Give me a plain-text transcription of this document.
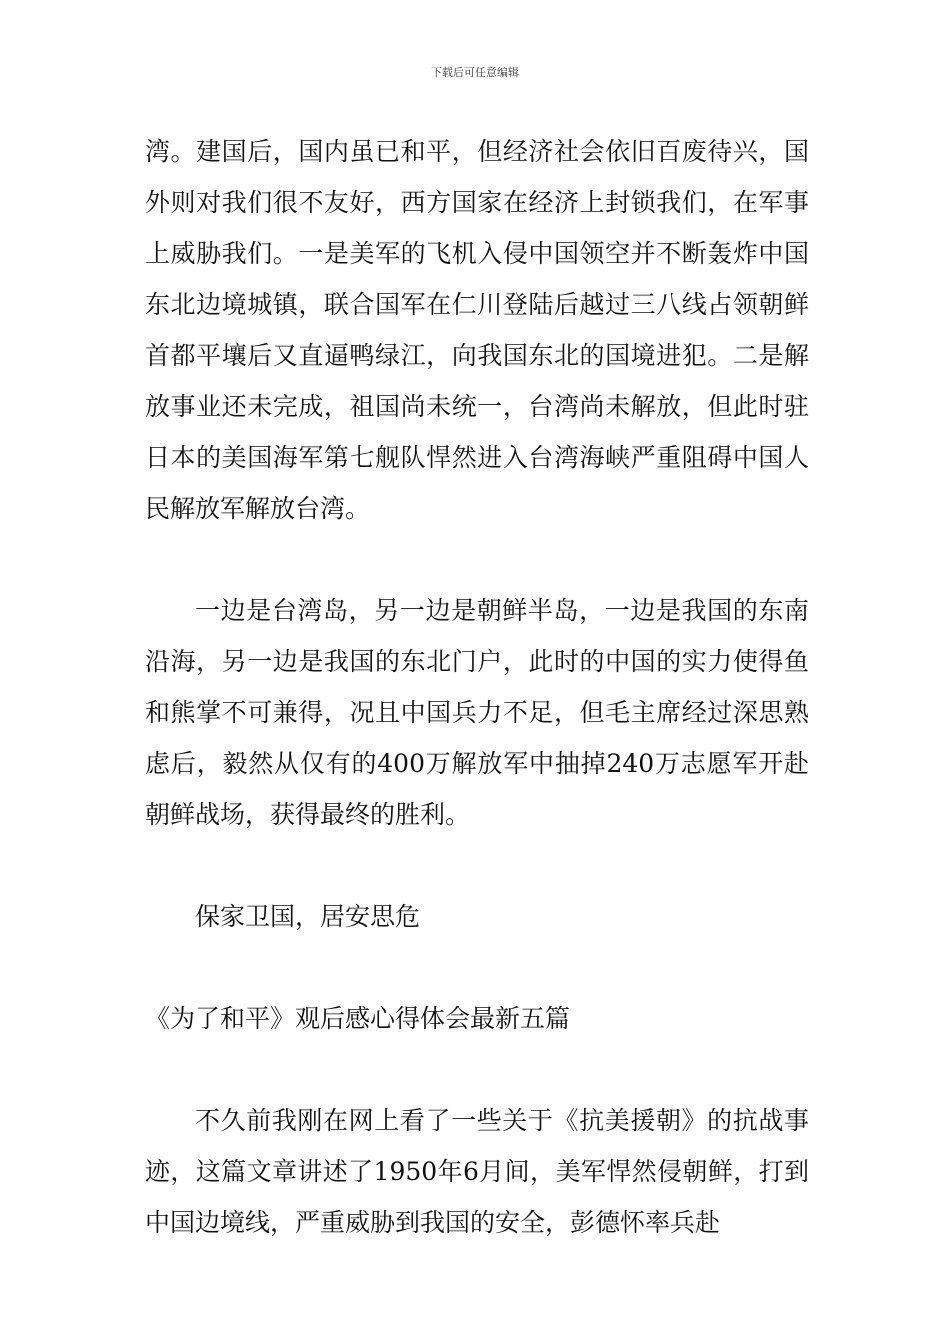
下载后可任意编辑

湾。建国后，国内虽已和平，但经济社会依旧百废待兴，国外则对我们很不友好，西方国家在经济上封锁我们，在军事上威胁我们。一是美军的飞机入侵中国领空并不断轰炸中国东北边境城镇，联合国军在仁川登陆后越过三八线占领朝鲜首都平壤后又直逼鸭绿江，向我国东北的国境进犯。二是解放事业还未完成，祖国尚未统一，台湾尚未解放，但此时驻日本的美国海军第七舰队悍然进入台湾海峡严重阻碍中国人民解放军解放台湾。

一边是台湾岛，另一边是朝鲜半岛，一边是我国的东南沿海，另一边是我国的东北门户，此时的中国的实力使得鱼和熊掌不可兼得，况且中国兵力不足，但毛主席经过深思熟虑后，毅然从仅有的400万解放军中抽掉240万志愿军开赴朝鲜战场，获得最终的胜利。

保家卫国，居安思危

《为了和平》观后感心得体会最新五篇

不久前我刚在网上看了一些关于《抗美援朝》的抗战事迹，这篇文章讲述了1950年6月间，美军悍然侵朝鲜，打到中国边境线，严重威胁到我国的安全，彭德怀率兵赴
